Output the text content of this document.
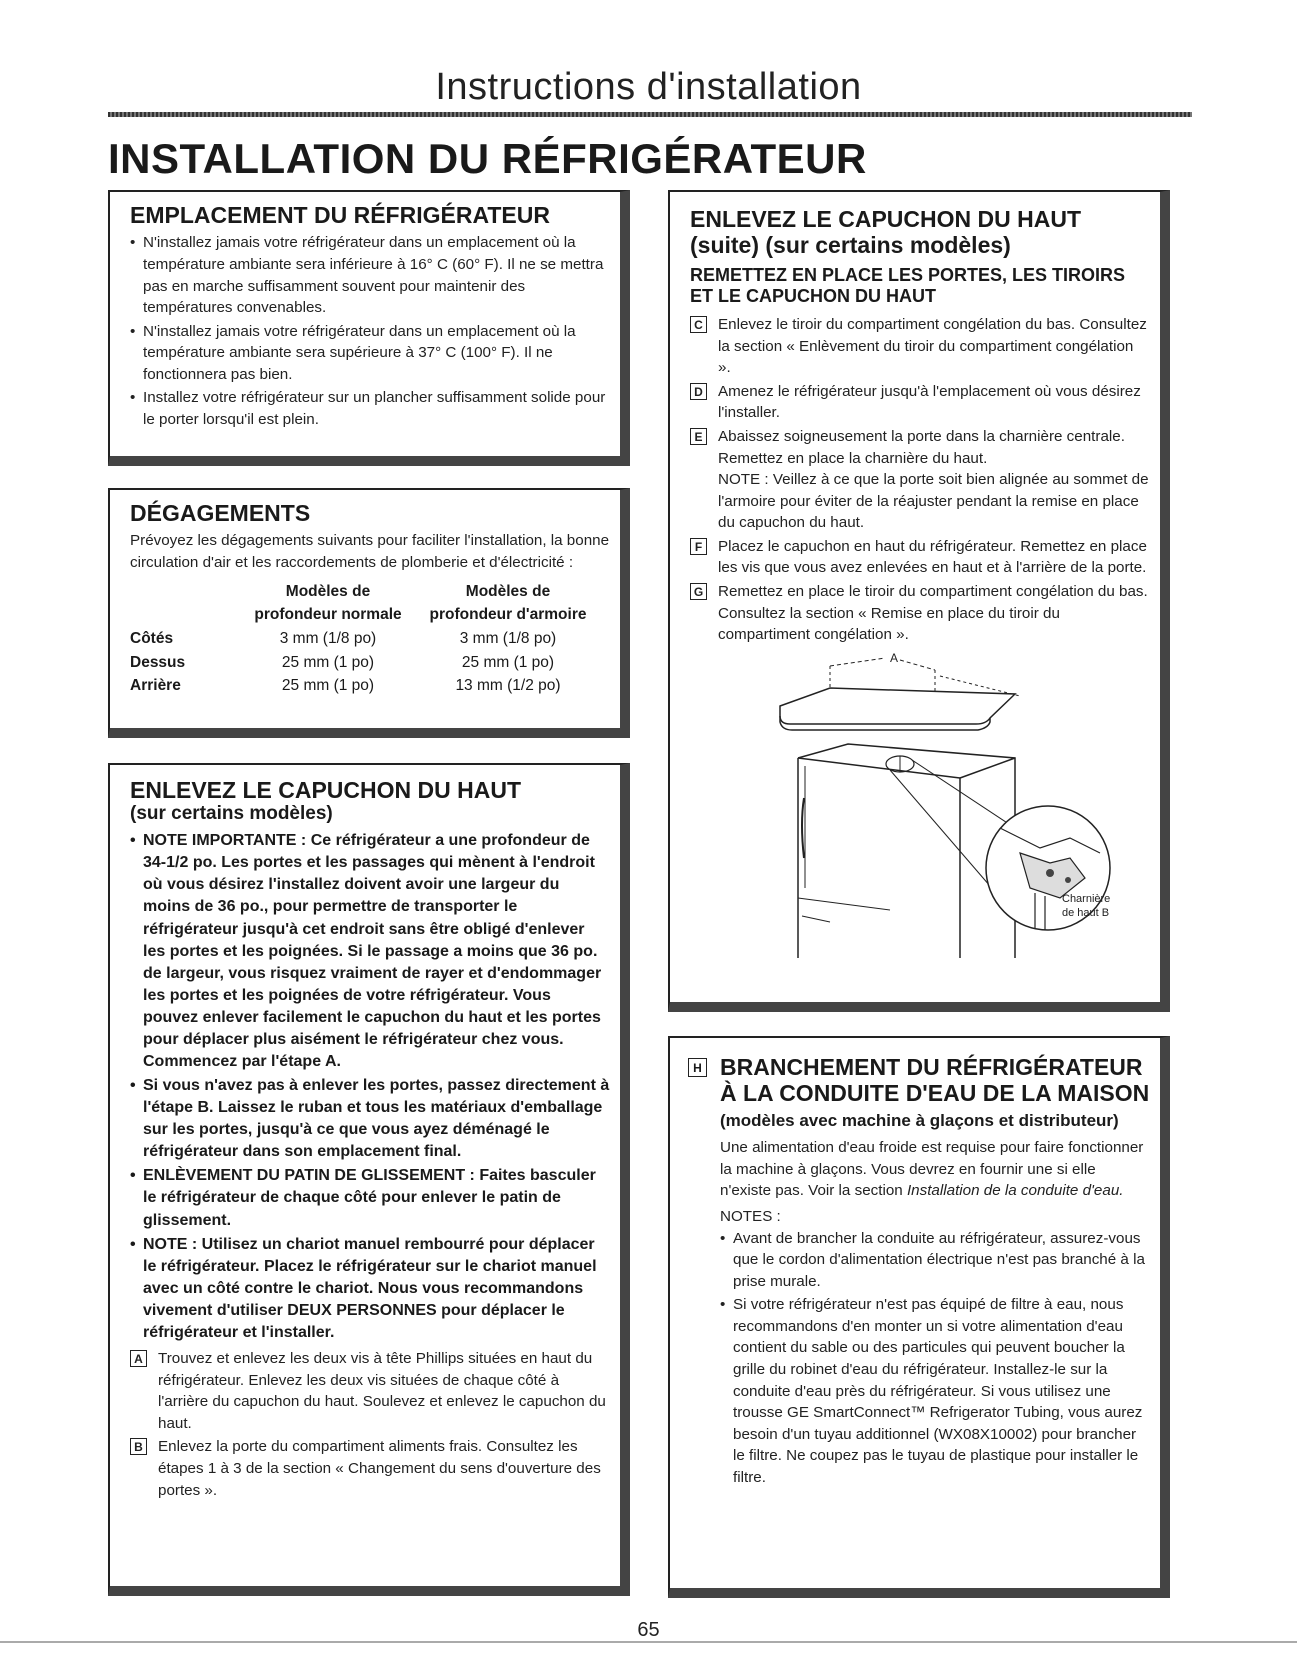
Instructions d'installation
INSTALLATION DU RÉFRIGÉRATEUR
EMPLACEMENT DU RÉFRIGÉRATEUR
• N'installez jamais votre réfrigérateur dans un emplacement où la température ambiante sera inférieure à 16° C (60° F). Il ne se mettra pas en marche suffisamment souvent pour maintenir des températures convenables.
• N'installez jamais votre réfrigérateur dans un emplacement où la température ambiante sera supérieure à 37° C (100° F). Il ne fonctionnera pas bien.
• Installez votre réfrigérateur sur un plancher suffisamment solide pour le porter lorsqu'il est plein.
DÉGAGEMENTS
Prévoyez les dégagements suivants pour faciliter l'installation, la bonne circulation d'air et les raccordements de plomberie et d'électricité :
	Modèles de	Modèles de
	profondeur normale	profondeur d'armoire
Côtés	3 mm (1/8 po)	3 mm (1/8 po)
Dessus	25 mm (1 po)	25 mm (1 po)
Arrière	25 mm (1 po)	13 mm (1/2 po)
ENLEVEZ LE CAPUCHON DU HAUT
(sur certains modèles)
• NOTE IMPORTANTE : Ce réfrigérateur a une profondeur de 34-1/2 po. Les portes et les passages qui mènent à l'endroit où vous désirez l'installez doivent avoir une largeur du moins de 36 po., pour permettre de transporter le réfrigérateur jusqu'à cet endroit sans être obligé d'enlever les portes et les poignées. Si le passage a moins que 36 po. de largeur, vous risquez vraiment de rayer et d'endommager les portes et les poignées de votre réfrigérateur. Vous pouvez enlever facilement le capuchon du haut et les portes pour déplacer plus aisément le réfrigérateur chez vous. Commencez par l'étape A.
• Si vous n'avez pas à enlever les portes, passez directement à l'étape B. Laissez le ruban et tous les matériaux d'emballage sur les portes, jusqu'à ce que vous ayez déménagé le réfrigérateur dans son emplacement final.
• ENLÈVEMENT DU PATIN DE GLISSEMENT : Faites basculer le réfrigérateur de chaque côté pour enlever le patin de glissement.
• NOTE : Utilisez un chariot manuel rembourré pour déplacer le réfrigérateur. Placez le réfrigérateur sur le chariot manuel avec un côté contre le chariot. Nous vous recommandons vivement d'utiliser DEUX PERSONNES pour déplacer le réfrigérateur et l'installer.
A Trouvez et enlevez les deux vis à tête Phillips situées en haut du réfrigérateur. Enlevez les deux vis situées de chaque côté à l'arrière du capuchon du haut. Soulevez et enlevez le capuchon du haut.
B Enlevez la porte du compartiment aliments frais. Consultez les étapes 1 à 3 de la section « Changement du sens d'ouverture des portes ».
ENLEVEZ LE CAPUCHON DU HAUT (suite) (sur certains modèles)
REMETTEZ EN PLACE LES PORTES, LES TIROIRS ET LE CAPUCHON DU HAUT
C Enlevez le tiroir du compartiment congélation du bas. Consultez la section « Enlèvement du tiroir du compartiment congélation ».
D Amenez le réfrigérateur jusqu'à l'emplacement où vous désirez l'installer.
E Abaissez soigneusement la porte dans la charnière centrale. Remettez en place la charnière du haut.
NOTE : Veillez à ce que la porte soit bien alignée au sommet de l'armoire pour éviter de la réajuster pendant la remise en place du capuchon du haut.
F	Placez le capuchon en haut du réfrigérateur. Remettez en place les vis que vous avez enlevées en haut et à l'arrière de la porte.
G Remettez en place le tiroir du compartiment congélation du bas. Consultez la section « Remise en place du tiroir du compartiment congélation ».
A
Charnière
de haut B
H BRANCHEMENT DU RÉFRIGÉRATEUR
À LA CONDUITE D'EAU DE LA MAISON
(modèles avec machine à glaçons et distributeur)
Une alimentation d'eau froide est requise pour faire fonctionner la machine à glaçons. Vous devrez en fournir une si elle n'existe pas. Voir la section Installation de la conduite d'eau.
NOTES :
• Avant de brancher la conduite au réfrigérateur, assurez-vous que le cordon d'alimentation électrique n'est pas branché à la prise murale.
• Si votre réfrigérateur n'est pas équipé de filtre à eau, nous recommandons d'en monter un si votre alimentation d'eau contient du sable ou des particules qui peuvent boucher la grille du robinet d'eau du réfrigérateur. Installez-le sur la conduite d'eau près du réfrigérateur. Si vous utilisez une trousse GE SmartConnect™ Refrigerator Tubing, vous aurez besoin d'un tuyau additionnel (WX08X10002) pour brancher le filtre. Ne coupez pas le tuyau de plastique pour installer le filtre.
65
